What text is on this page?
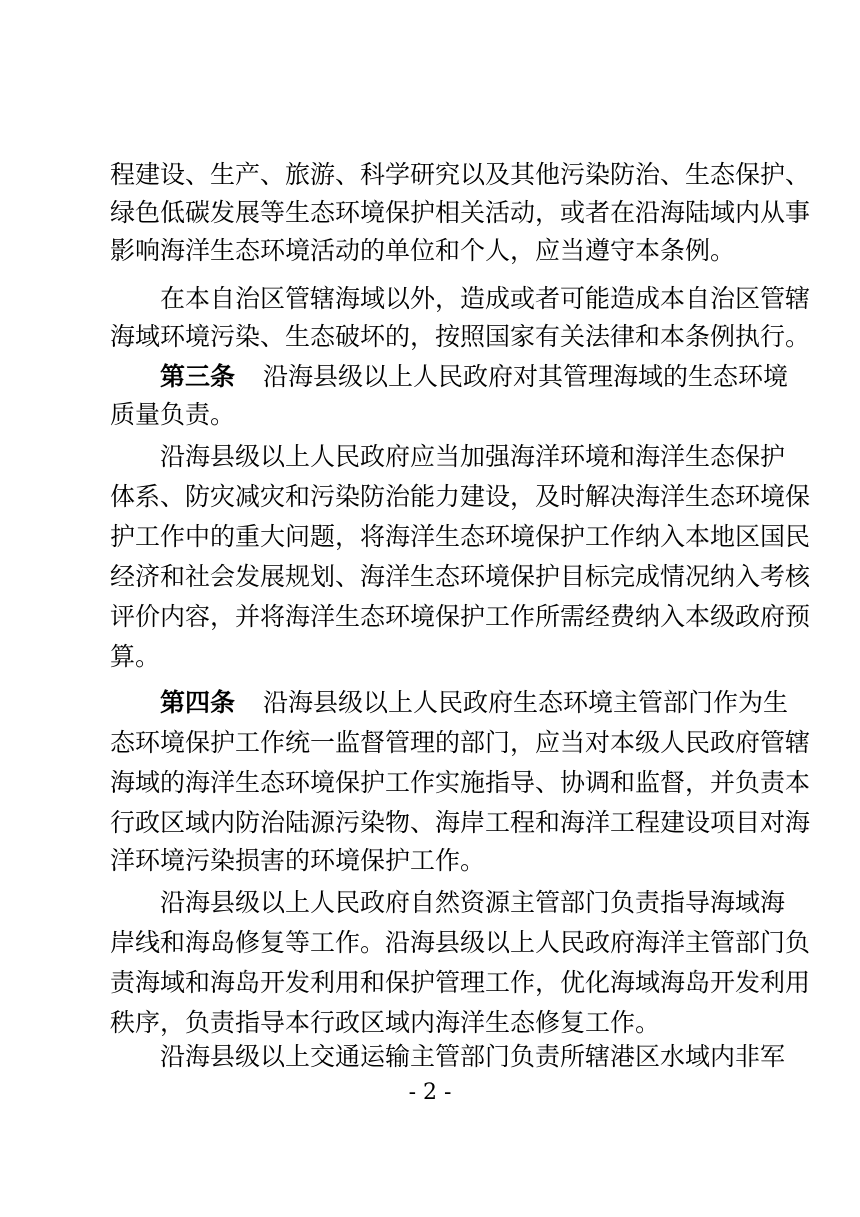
程建设、生产、旅游、科学研究以及其他污染防治、生态保护、
绿色低碳发展等生态环境保护相关活动，或者在沿海陆域内从事
影响海洋生态环境活动的单位和个人，应当遵守本条例。
在本自治区管辖海域以外，造成或者可能造成本自治区管辖
海域环境污染、生态破坏的，按照国家有关法律和本条例执行。
第三条 沿海县级以上人民政府对其管理海域的生态环境
质量负责。
沿海县级以上人民政府应当加强海洋环境和海洋生态保护
体系、防灾减灾和污染防治能力建设，及时解决海洋生态环境保
护工作中的重大问题，将海洋生态环境保护工作纳入本地区国民
经济和社会发展规划、海洋生态环境保护目标完成情况纳入考核
评价内容，并将海洋生态环境保护工作所需经费纳入本级政府预
算。
第四条 沿海县级以上人民政府生态环境主管部门作为生
态环境保护工作统一监督管理的部门，应当对本级人民政府管辖
海域的海洋生态环境保护工作实施指导、协调和监督，并负责本
行政区域内防治陆源污染物、海岸工程和海洋工程建设项目对海
洋环境污染损害的环境保护工作。
沿海县级以上人民政府自然资源主管部门负责指导海域海
岸线和海岛修复等工作。沿海县级以上人民政府海洋主管部门负
责海域和海岛开发利用和保护管理工作，优化海域海岛开发利用
秩序，负责指导本行政区域内海洋生态修复工作。
沿海县级以上交通运输主管部门负责所辖港区水域内非军
- 2 -
